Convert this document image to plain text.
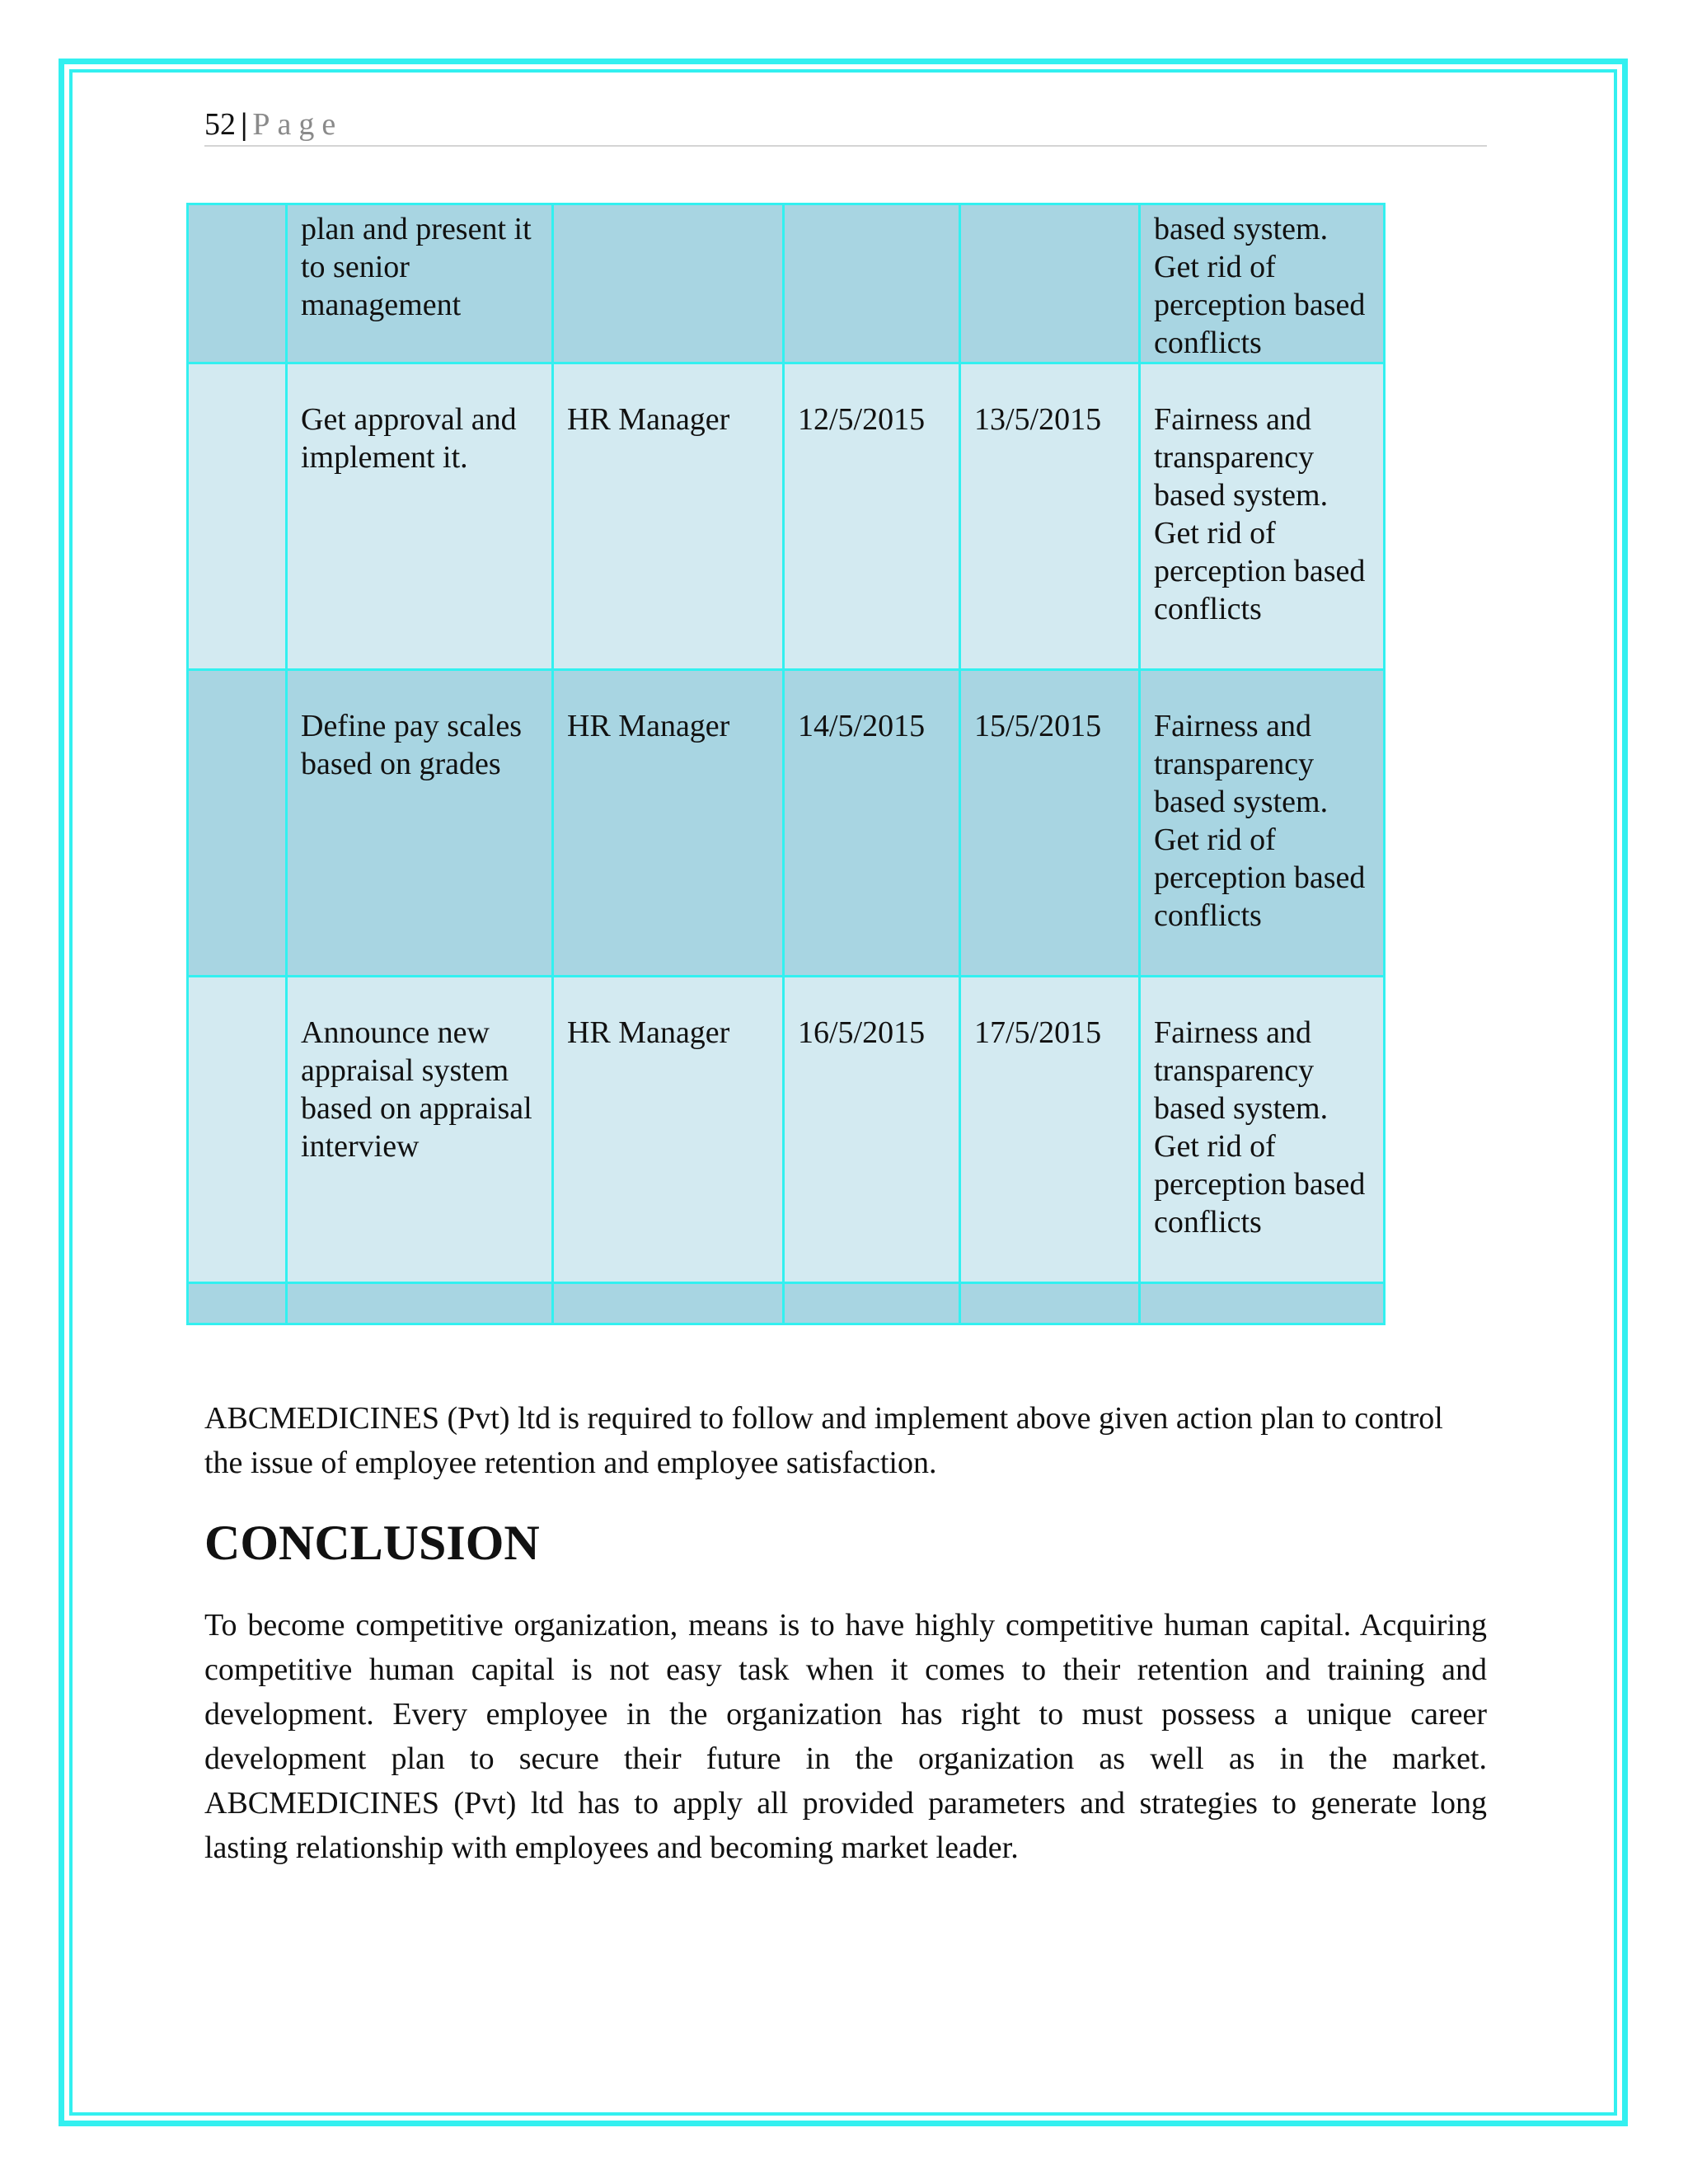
52 | Page
	plan and present it to senior management				based system. Get rid of perception based conflicts
	Get approval and implement it.	HR Manager	12/5/2015	13/5/2015	Fairness and transparency based system. Get rid of perception based conflicts
	Define pay scales based on grades	HR Manager	14/5/2015	15/5/2015	Fairness and transparency based system. Get rid of perception based conflicts
	Announce new appraisal system based on appraisal interview	HR Manager	16/5/2015	17/5/2015	Fairness and transparency based system. Get rid of perception based conflicts

ABCMEDICINES (Pvt) ltd is required to follow and implement above given action plan to control the issue of employee retention and employee satisfaction.

CONCLUSION

To become competitive organization, means is to have highly competitive human capital. Acquiring competitive human capital is not easy task when it comes to their retention and training and development. Every employee in the organization has right to must possess a unique career development plan to secure their future in the organization as well as in the market. ABCMEDICINES (Pvt) ltd has to apply all provided parameters and strategies to generate long lasting relationship with employees and becoming market leader.
